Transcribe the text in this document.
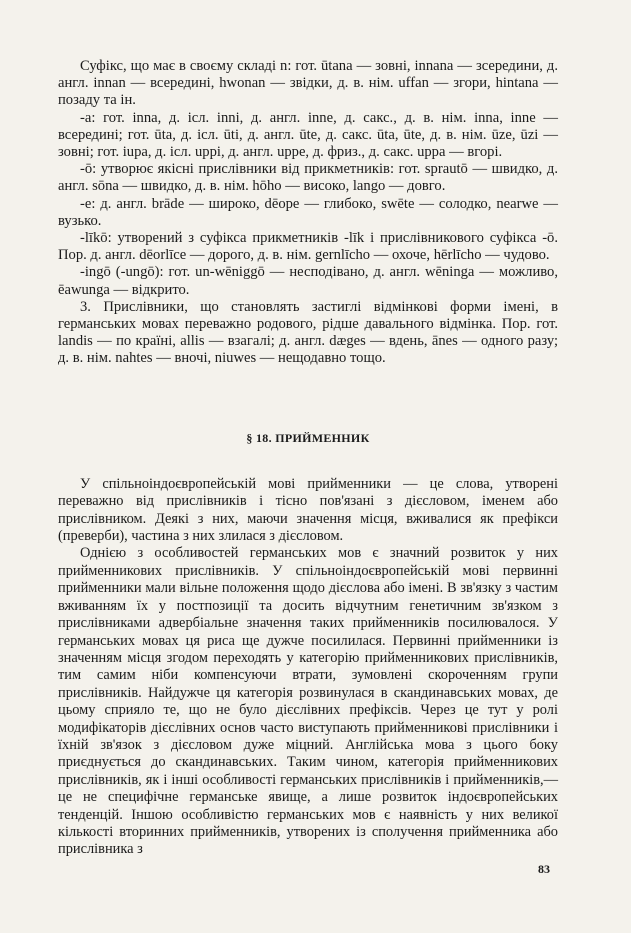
Суфікс, що має в своєму складі n: гот. ūtana — зовні, innana — зсередини, д. англ. innan — всередині, hwonan — звідки, д. в. нім. uffan — згори, hintana — позаду та ін.

-a: гот. inna, д. ісл. inni, д. англ. inne, д. сакс., д. в. нім. inna, inne — всередині; гот. ūta, д. ісл. ūti, д. англ. ūte, д. сакс. ūta, ūte, д. в. нім. ūze, ūzi — зовні; гот. iupa, д. ісл. uppi, д. англ. uppe, д. фриз., д. сакс. uppa — вгорі.

-ō: утворює якісні прислівники від прикметників: гот. sprautō — швидко, д. англ. sōna — швидко, д. в. нім. hōho — високо, lango — довго.

-e: д. англ. brāde — широко, dēope — глибоко, swēte — солодко, nearwe — вузько.

-līkō: утворений з суфікса прикметників -līk і прислівникового суфікса -ō. Пор. д. англ. dēorlīce — дорого, д. в. нім. gernlīcho — охоче, hērlīcho — чудово.

-ingō (-ungō): гот. un-wēniggō — несподівано, д. англ. wēninga — можливо, ēawunga — відкрито.

3. Прислівники, що становлять застиглі відмінкові форми імені, в германських мовах переважно родового, рідше давального відмінка. Пор. гот. landis — по країні, allis — взагалі; д. англ. dæges — вдень, ānes — одного разу; д. в. нім. nahtes — вночі, niuwes — нещодавно тощо.

§ 18. ПРИЙМЕННИК

У спільноіндоєвропейській мові прийменники — це слова, утворені переважно від прислівників і тісно пов'язані з дієсловом, іменем або прислівником. Деякі з них, маючи значення місця, вживалися як префікси (преверби), частина з них злилася з дієсловом.

Однією з особливостей германських мов є значний розвиток у них прийменникових прислівників. У спільноіндоєвропейській мові первинні прийменники мали вільне положення щодо дієслова або імені. В зв'язку з частим вживанням їх у постпозиції та досить відчутним генетичним зв'язком з прислівниками адвербіальне значення таких прийменників посилювалося. У германських мовах ця риса ще дужче посилилася. Первинні прийменники із значенням місця згодом переходять у категорію прийменникових прислівників, тим самим ніби компенсуючи втрати, зумовлені скороченням групи прислівників. Найдужче ця категорія розвинулася в скандинавських мовах, де цьому сприяло те, що не було дієслівних префіксів. Через це тут у ролі модифікаторів дієслівних основ часто виступають прийменникові прислівники і їхній зв'язок з дієсловом дуже міцний. Англійська мова з цього боку приєднується до скандинавських. Таким чином, категорія прийменникових прислівників, як і інші особливості германських прислівників і прийменників,— це не специфічне германське явище, а лише розвиток індоєвропейських тенденцій. Іншою особливістю германських мов є наявність у них великої кількості вторинних прийменників, утворених із сполучення прийменника або прислівника з

83
